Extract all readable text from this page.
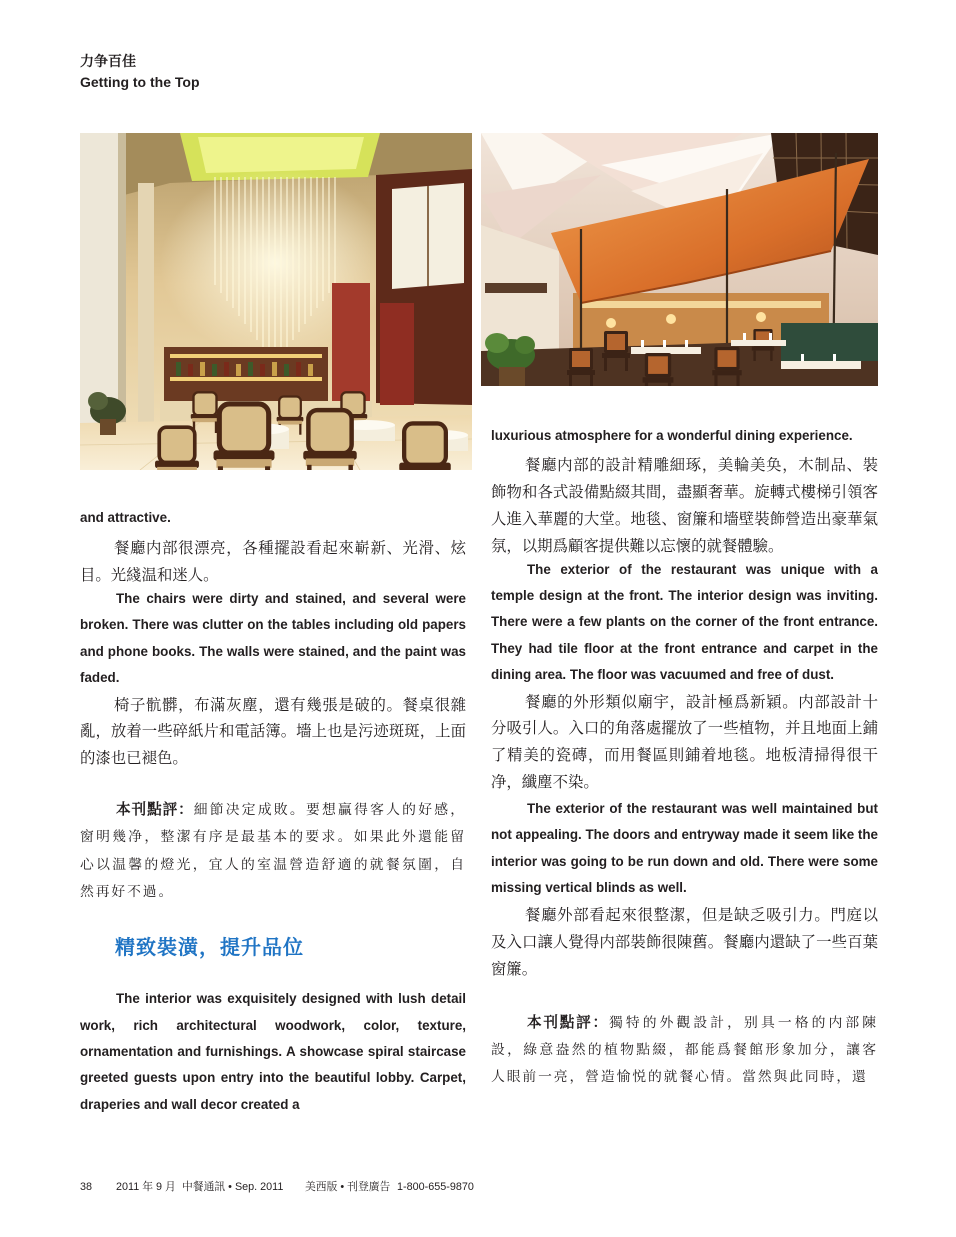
力争百佳
Getting to the Top

and attractive.

餐廳内部很漂亮，各種擺設看起來嶄新、光滑、炫目。光綫温和迷人。

The chairs were dirty and stained, and several were broken. There was clutter on the tables including old papers and phone books. The walls were stained, and the paint was faded.

椅子骯髒，布滿灰塵，還有幾張是破的。餐桌很雜亂，放着一些碎紙片和電話簿。墻上也是污迹斑斑，上面的漆也已褪色。

本刊點評：細節决定成敗。要想贏得客人的好感，窗明幾净，整潔有序是最基本的要求。如果此外還能留心以温馨的燈光，宜人的室温營造舒適的就餐氛圍，自然再好不過。

精致裝潢，提升品位

The interior was exquisitely designed with lush detail work, rich architectural woodwork, color, texture, ornamentation and furnishings. A showcase spiral staircase greeted guests upon entry into the beautiful lobby. Carpet, draperies and wall decor created a

luxurious atmosphere for a wonderful dining experience.

餐廳内部的設計精雕細琢，美輪美奂，木制品、裝飾物和各式設備點綴其間，盡顯奢華。旋轉式樓梯引領客人進入華麗的大堂。地毯、窗簾和墻壁裝飾營造出豪華氣氛，以期爲顧客提供難以忘懷的就餐體驗。

The exterior of the restaurant was unique with a temple design at the front. The interior design was inviting. There were a few plants on the corner of the front entrance. They had tile floor at the front entrance and carpet in the dining area. The floor was vacuumed and free of dust.

餐廳的外形類似廟宇，設計極爲新穎。内部設計十分吸引人。入口的角落處擺放了一些植物，并且地面上鋪了精美的瓷磚，而用餐區則鋪着地毯。地板清掃得很干净，纖塵不染。

The exterior of the restaurant was well maintained but not appealing. The doors and entryway made it seem like the interior was going to be run down and old. There were some missing vertical blinds as well.

餐廳外部看起來很整潔，但是缺乏吸引力。門庭以及入口讓人覺得内部裝飾很陳舊。餐廳内還缺了一些百葉窗簾。

本刊點評：獨特的外觀設計，别具一格的内部陳設，綠意盎然的植物點綴，都能爲餐館形象加分，讓客人眼前一亮，營造愉悦的就餐心情。當然與此同時，還

38 2011 年 9 月 中餐通訊 • Sep. 2011 美西版 • 刊登廣告 1-800-655-9870
